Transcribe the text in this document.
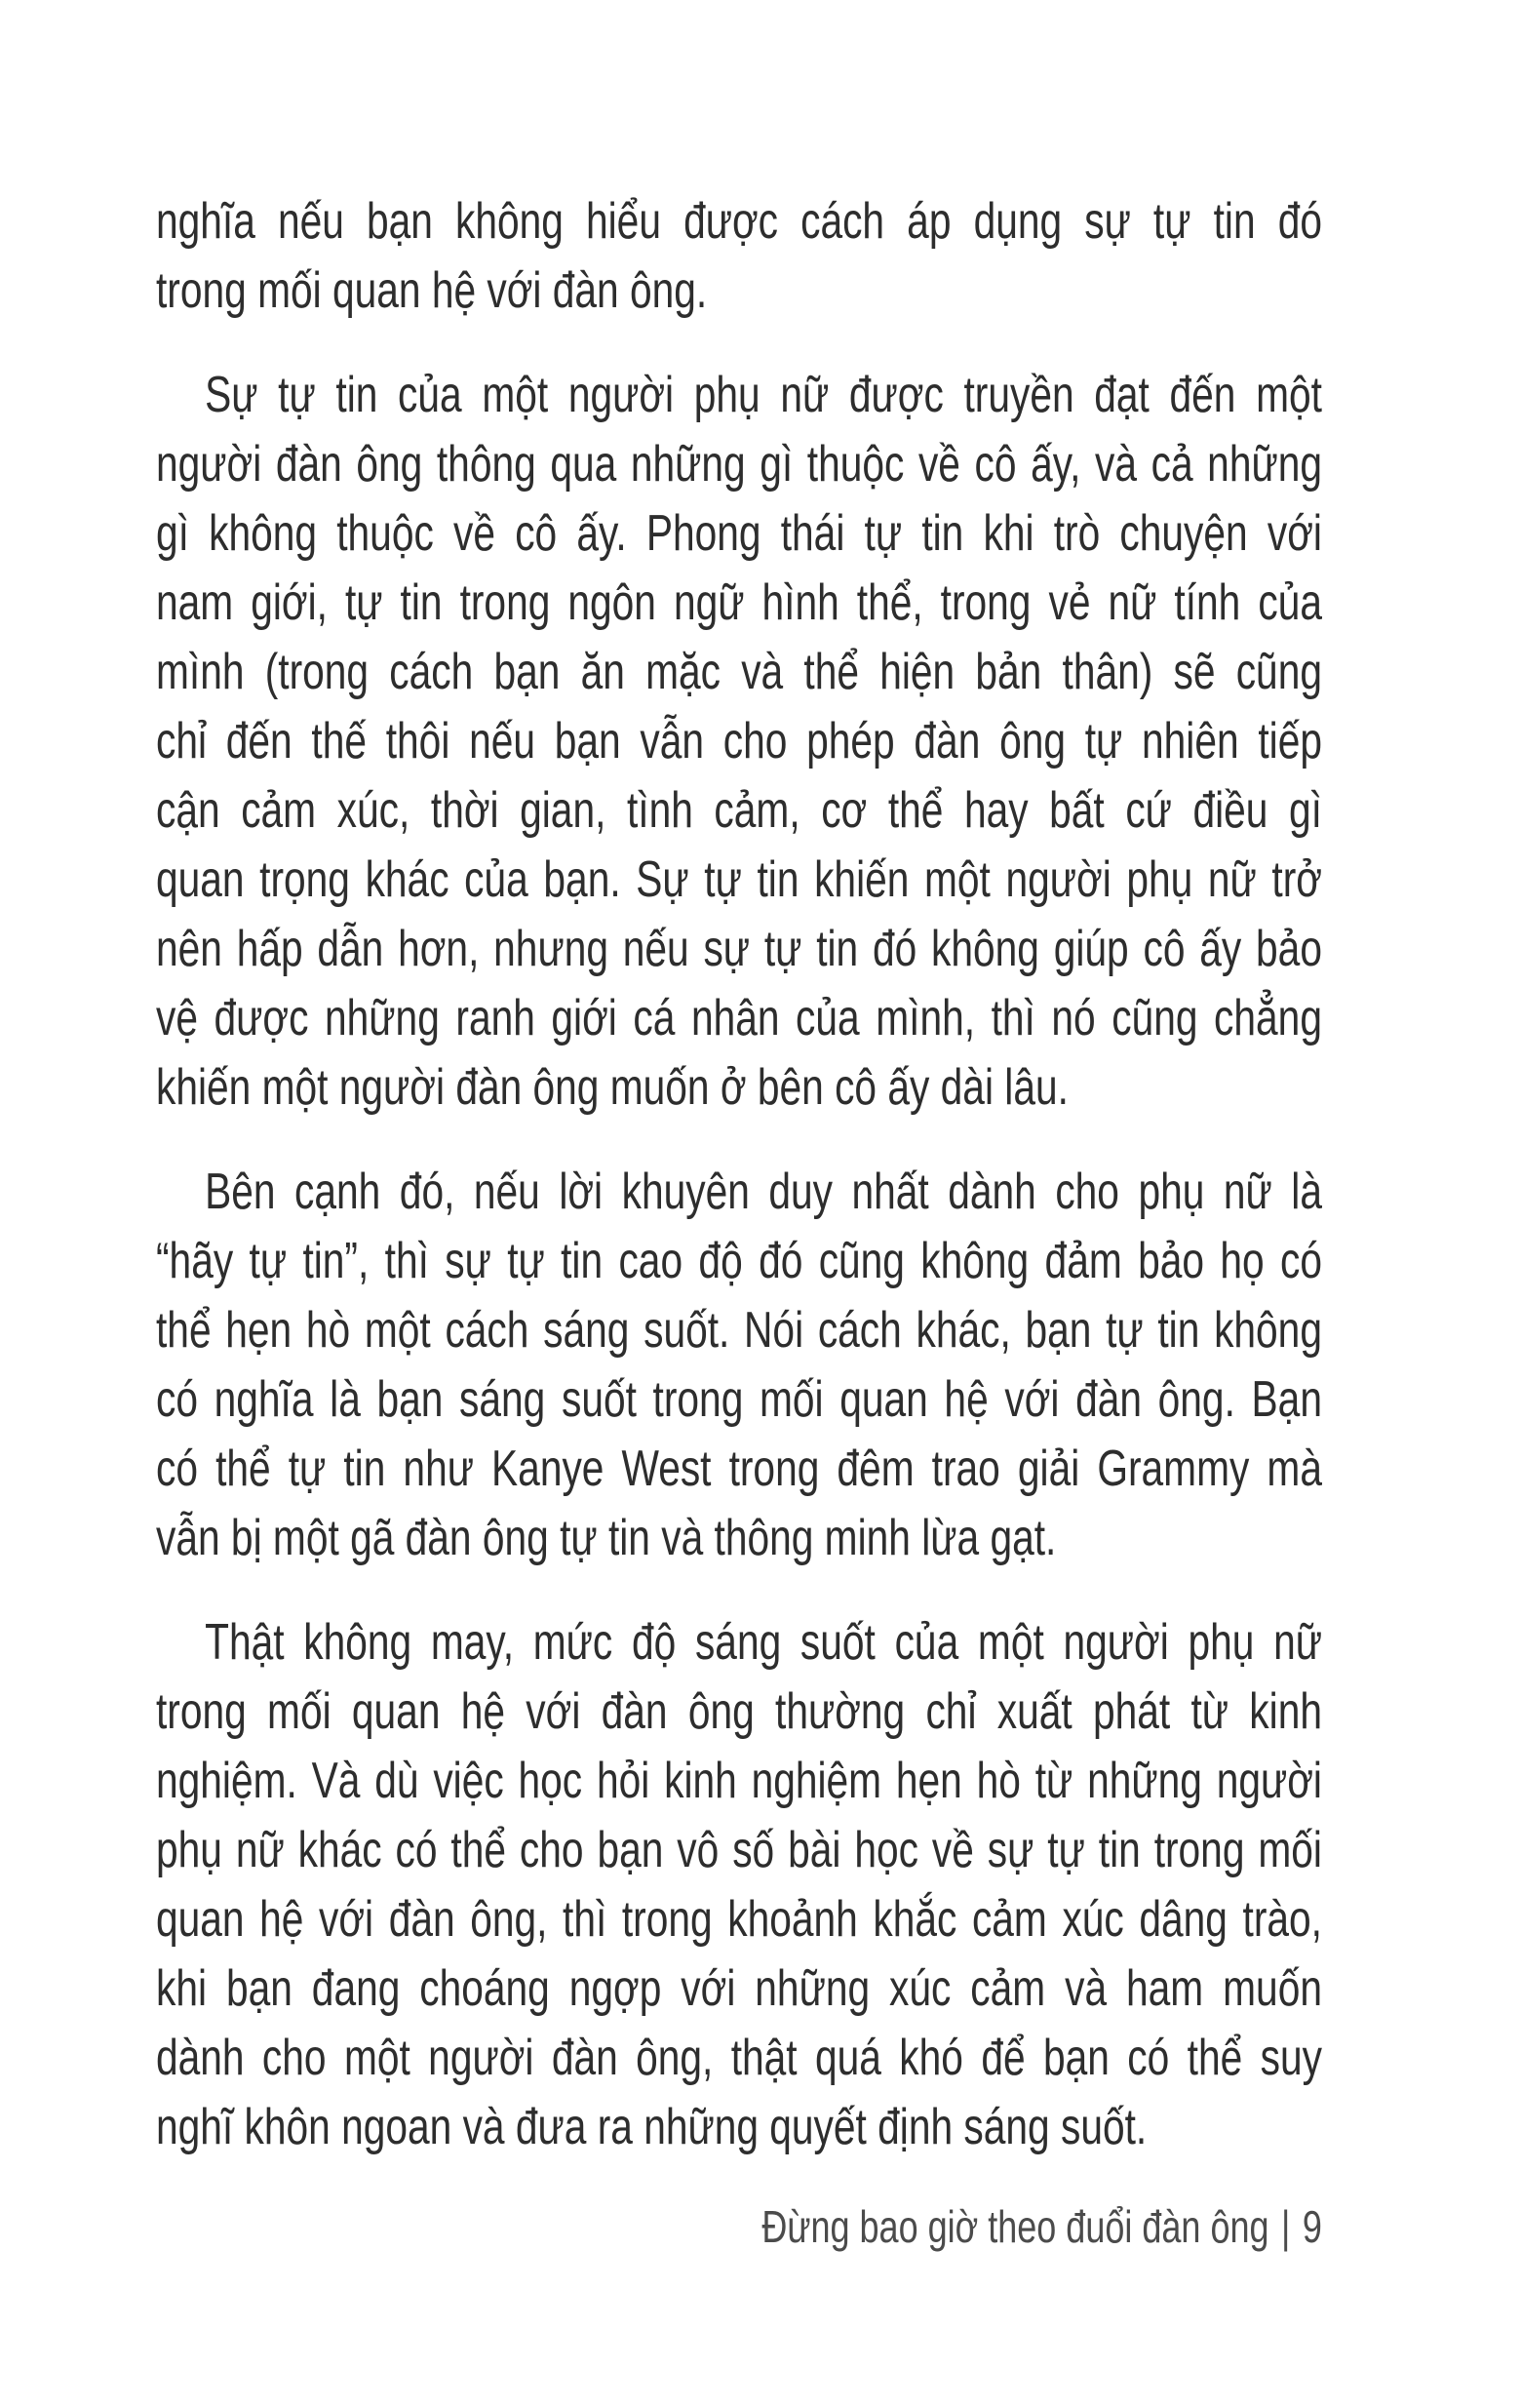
nghĩa nếu bạn không hiểu được cách áp dụng sự tự tin đó
trong mối quan hệ với đàn ông.
Sự tự tin của một người phụ nữ được truyền đạt đến một
người đàn ông thông qua những gì thuộc về cô ấy, và cả những
gì không thuộc về cô ấy. Phong thái tự tin khi trò chuyện với
nam giới, tự tin trong ngôn ngữ hình thể, trong vẻ nữ tính của
mình (trong cách bạn ăn mặc và thể hiện bản thân) sẽ cũng
chỉ đến thế thôi nếu bạn vẫn cho phép đàn ông tự nhiên tiếp
cận cảm xúc, thời gian, tình cảm, cơ thể hay bất cứ điều gì
quan trọng khác của bạn. Sự tự tin khiến một người phụ nữ trở
nên hấp dẫn hơn, nhưng nếu sự tự tin đó không giúp cô ấy bảo
vệ được những ranh giới cá nhân của mình, thì nó cũng chẳng
khiến một người đàn ông muốn ở bên cô ấy dài lâu.
Bên cạnh đó, nếu lời khuyên duy nhất dành cho phụ nữ là
“hãy tự tin”, thì sự tự tin cao độ đó cũng không đảm bảo họ có
thể hẹn hò một cách sáng suốt. Nói cách khác, bạn tự tin không
có nghĩa là bạn sáng suốt trong mối quan hệ với đàn ông. Bạn
có thể tự tin như Kanye West trong đêm trao giải Grammy mà
vẫn bị một gã đàn ông tự tin và thông minh lừa gạt.
Thật không may, mức độ sáng suốt của một người phụ nữ
trong mối quan hệ với đàn ông thường chỉ xuất phát từ kinh
nghiệm. Và dù việc học hỏi kinh nghiệm hẹn hò từ những người
phụ nữ khác có thể cho bạn vô số bài học về sự tự tin trong mối
quan hệ với đàn ông, thì trong khoảnh khắc cảm xúc dâng trào,
khi bạn đang choáng ngợp với những xúc cảm và ham muốn
dành cho một người đàn ông, thật quá khó để bạn có thể suy
nghĩ khôn ngoan và đưa ra những quyết định sáng suốt.
Đừng bao giờ theo đuổi đàn ông | 9
